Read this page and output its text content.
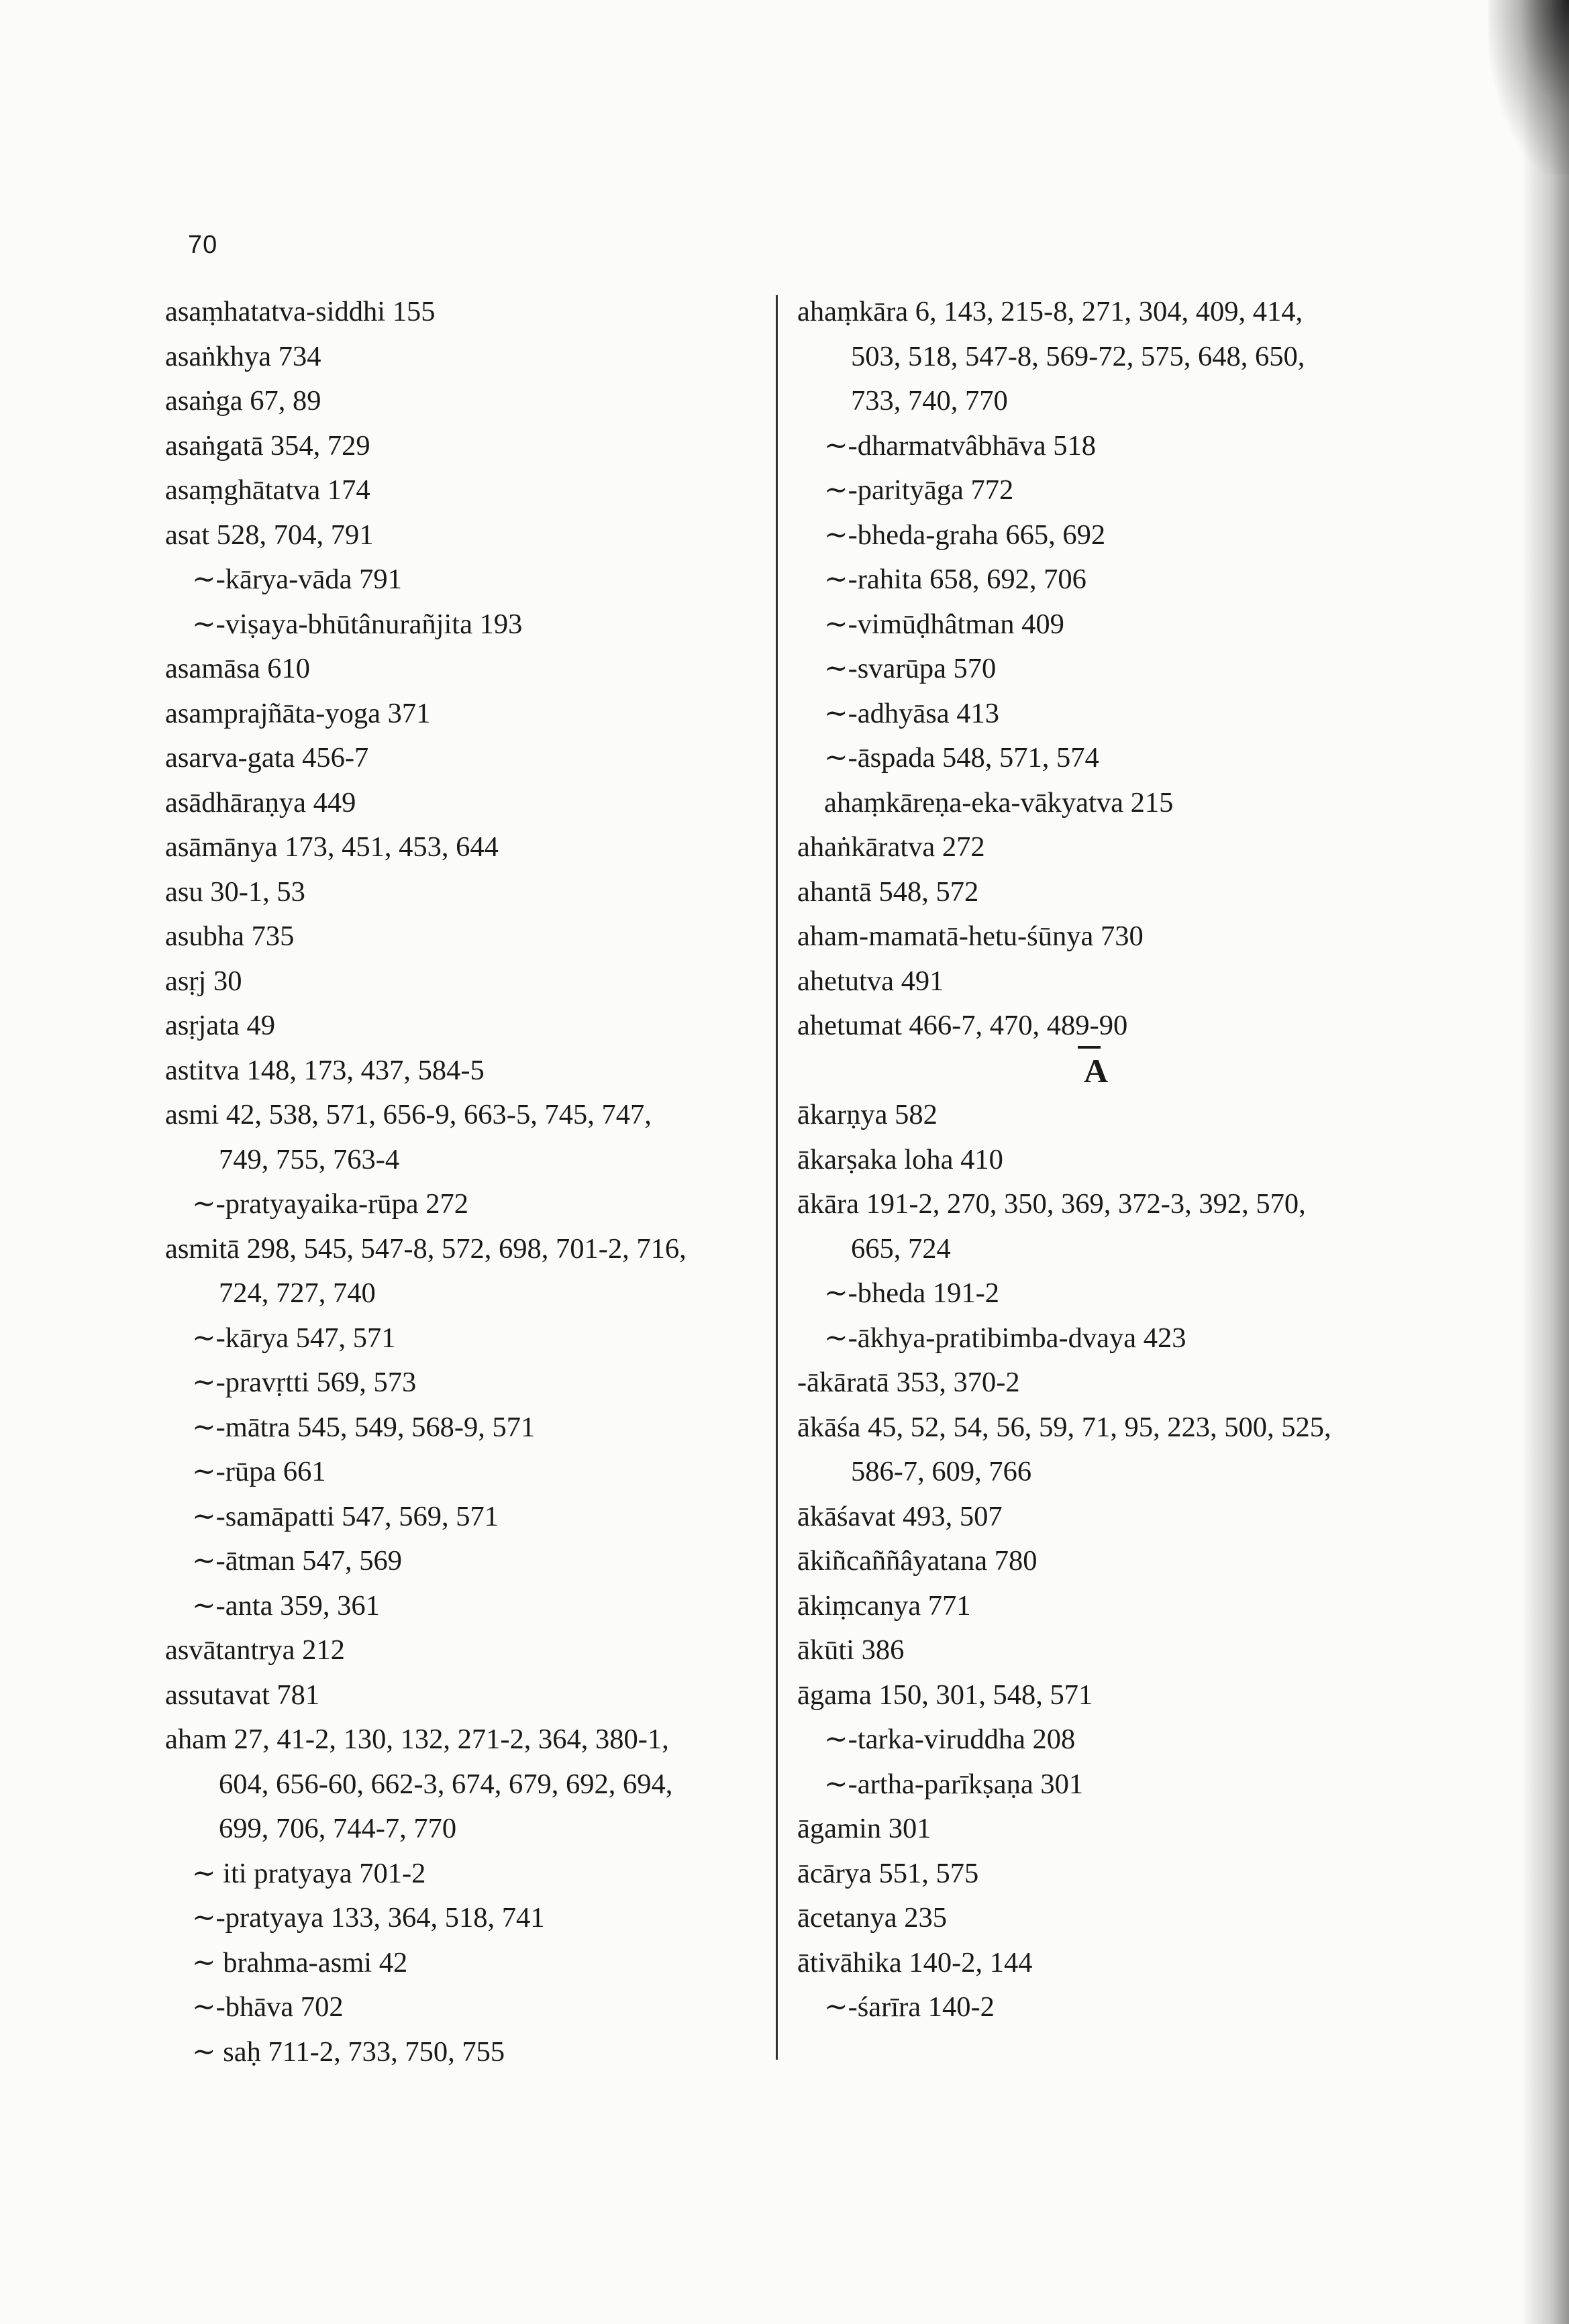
70
asaṃhatatva-siddhi 155
asaṅkhya 734
asaṅga 67, 89
asaṅgatā 354, 729
asaṃghātatva 174
asat 528, 704, 791
∼-kārya-vāda 791
∼-viṣaya-bhūtânurañjita 193
asamāsa 610
asamprajñāta-yoga 371
asarva-gata 456-7
asādhāraṇya 449
asāmānya 173, 451, 453, 644
asu 30-1, 53
asubha 735
asṛj 30
asṛjata 49
astitva 148, 173, 437, 584-5
asmi 42, 538, 571, 656-9, 663-5, 745, 747,
749, 755, 763-4
∼-pratyayaika-rūpa 272
asmitā 298, 545, 547-8, 572, 698, 701-2, 716,
724, 727, 740
∼-kārya 547, 571
∼-pravṛtti 569, 573
∼-mātra 545, 549, 568-9, 571
∼-rūpa 661
∼-samāpatti 547, 569, 571
∼-ātman 547, 569
∼-anta 359, 361
asvātantrya 212
assutavat 781
aham 27, 41-2, 130, 132, 271-2, 364, 380-1,
604, 656-60, 662-3, 674, 679, 692, 694,
699, 706, 744-7, 770
∼ iti pratyaya 701-2
∼-pratyaya 133, 364, 518, 741
∼ brahma-asmi 42
∼-bhāva 702
∼ saḥ 711-2, 733, 750, 755
ahaṃkāra 6, 143, 215-8, 271, 304, 409, 414,
503, 518, 547-8, 569-72, 575, 648, 650,
733, 740, 770
∼-dharmatvâbhāva 518
∼-parityāga 772
∼-bheda-graha 665, 692
∼-rahita 658, 692, 706
∼-vimūḍhâtman 409
∼-svarūpa 570
∼-adhyāsa 413
∼-āspada 548, 571, 574
ahaṃkāreṇa-eka-vākyatva 215
ahaṅkāratva 272
ahantā 548, 572
aham-mamatā-hetu-śūnya 730
ahetutva 491
ahetumat 466-7, 470, 489-90
A
ākarṇya 582
ākarṣaka loha 410
ākāra 191-2, 270, 350, 369, 372-3, 392, 570,
665, 724
∼-bheda 191-2
∼-ākhya-pratibimba-dvaya 423
-ākāratā 353, 370-2
ākāśa 45, 52, 54, 56, 59, 71, 95, 223, 500, 525,
586-7, 609, 766
ākāśavat 493, 507
ākiñcaññâyatana 780
ākiṃcanya 771
ākūti 386
āgama 150, 301, 548, 571
∼-tarka-viruddha 208
∼-artha-parīkṣaṇa 301
āgamin 301
ācārya 551, 575
ācetanya 235
ātivāhika 140-2, 144
∼-śarīra 140-2
